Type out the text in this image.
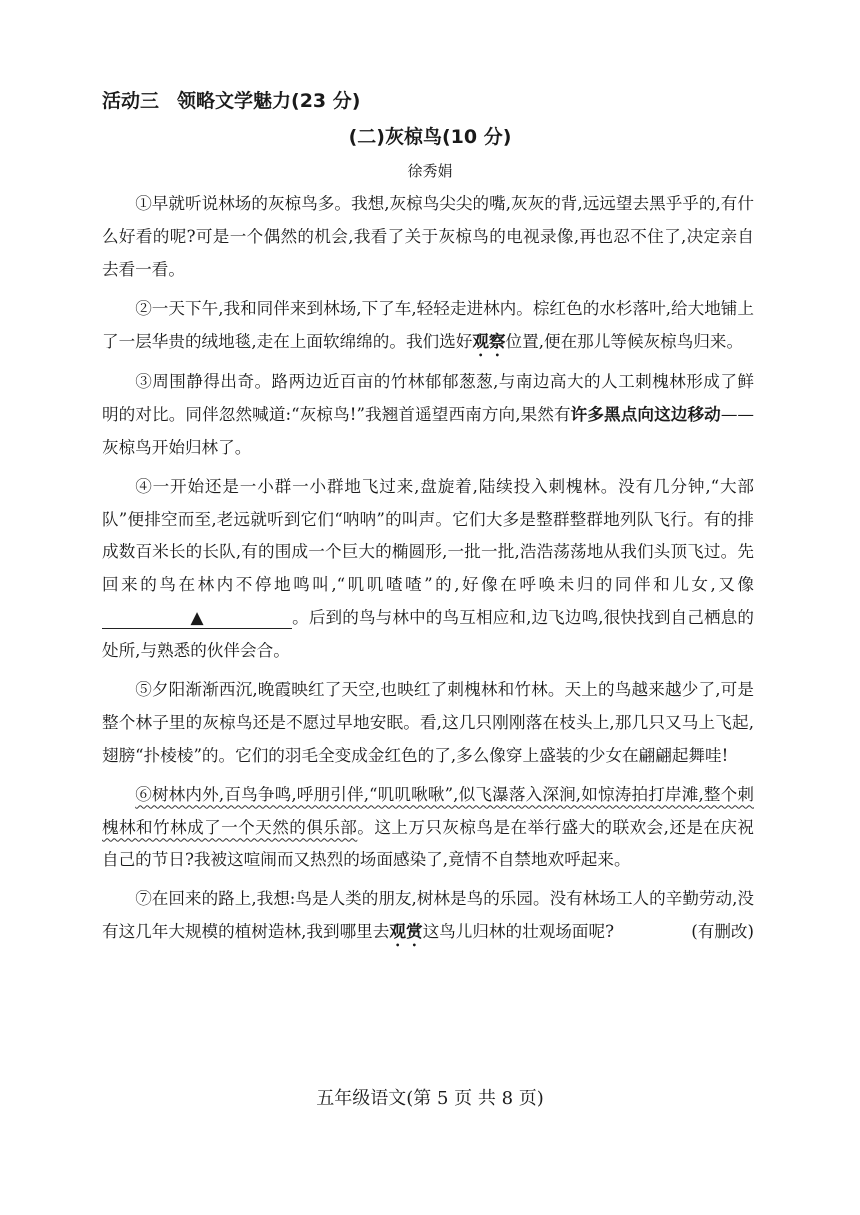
活动三 领略文学魅力(23 分)
(二)灰椋鸟(10 分)
徐秀娟

①早就听说林场的灰椋鸟多。我想,灰椋鸟尖尖的嘴,灰灰的背,远远望去黑乎乎的,有什么好看的呢?可是一个偶然的机会,我看了关于灰椋鸟的电视录像,再也忍不住了,决定亲自去看一看。

②一天下午,我和同伴来到林场,下了车,轻轻走进林内。棕红色的水杉落叶,给大地铺上了一层华贵的绒地毯,走在上面软绵绵的。我们选好观察位置,便在那儿等候灰椋鸟归来。

③周围静得出奇。路两边近百亩的竹林郁郁葱葱,与南边高大的人工刺槐林形成了鲜明的对比。同伴忽然喊道:“灰椋鸟!”我翘首遥望西南方向,果然有许多黑点向这边移动——灰椋鸟开始归林了。

④一开始还是一小群一小群地飞过来,盘旋着,陆续投入刺槐林。没有几分钟,“大部队”便排空而至,老远就听到它们“呐呐”的叫声。它们大多是整群整群地列队飞行。有的排成数百米长的长队,有的围成一个巨大的椭圆形,一批一批,浩浩荡荡地从我们头顶飞过。先回来的鸟在林内不停地鸣叫,“叽叽喳喳”的,好像在呼唤未归的同伴和儿女,又像▲	。后到的鸟与林中的鸟互相应和,边飞边鸣,很快找到自己栖息的处所,与熟悉的伙伴会合。

⑤夕阳渐渐西沉,晚霞映红了天空,也映红了刺槐林和竹林。天上的鸟越来越少了,可是整个林子里的灰椋鸟还是不愿过早地安眠。看,这几只刚刚落在枝头上,那几只又马上飞起,翅膀“扑棱棱”的。它们的羽毛全变成金红色的了,多么像穿上盛装的少女在翩翩起舞哇!

⑥树林内外,百鸟争鸣,呼朋引伴,“叽叽啾啾”,似飞瀑落入深涧,如惊涛拍打岸滩,整个刺槐林和竹林成了一个天然的俱乐部。这上万只灰椋鸟是在举行盛大的联欢会,还是在庆祝自己的节日?我被这喧闹而又热烈的场面感染了,竟情不自禁地欢呼起来。

⑦在回来的路上,我想:鸟是人类的朋友,树林是鸟的乐园。没有林场工人的辛勤劳动,没有这几年大规模的植树造林,我到哪里去观赏这鸟儿归林的壮观场面呢?	(有删改)

五年级语文(第 5 页 共 8 页)
